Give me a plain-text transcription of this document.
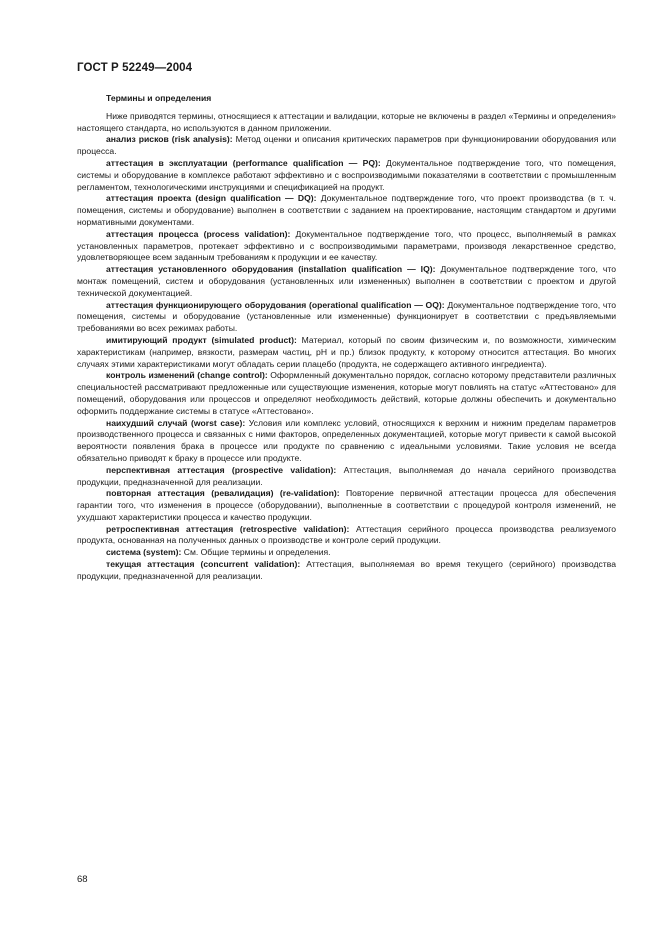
ГОСТ Р 52249—2004
Термины и определения

Ниже приводятся термины, относящиеся к аттестации и валидации, которые не включены в раздел «Термины и определения» настоящего стандарта, но используются в данном приложении.

анализ рисков (risk analysis): Метод оценки и описания критических параметров при функционировании оборудования или процесса.

аттестация в эксплуатации (performance qualification — PQ): Документальное подтверждение того, что помещения, системы и оборудование в комплексе работают эффективно и с воспроизводимыми показателями в соответствии с промышленным регламентом, технологическими инструкциями и спецификацией на продукт.

аттестация проекта (design qualification — DQ): Документальное подтверждение того, что проект производства (в т. ч. помещения, системы и оборудование) выполнен в соответствии с заданием на проектирование, настоящим стандартом и другими нормативными документами.

аттестация процесса (process validation): Документальное подтверждение того, что процесс, выполняемый в рамках установленных параметров, протекает эффективно и с воспроизводимыми параметрами, производя лекарственное средство, удовлетворяющее всем заданным требованиям к продукции и ее качеству.

аттестация установленного оборудования (installation qualification — IQ): Документальное подтверждение того, что монтаж помещений, систем и оборудования (установленных или измененных) выполнен в соответствии с проектом и другой технической документацией.

аттестация функционирующего оборудования (operational qualification — OQ): Документальное подтверждение того, что помещения, системы и оборудование (установленные или измененные) функционирует в соответствии с предъявляемыми требованиями во всех режимах работы.

имитирующий продукт (simulated product): Материал, который по своим физическим и, по возможности, химическим характеристикам (например, вязкости, размерам частиц, pH и пр.) близок продукту, к которому относится аттестация. Во многих случаях этими характеристиками могут обладать серии плацебо (продукта, не содержащего активного ингредиента).

контроль изменений (change control): Оформленный документально порядок, согласно которому представители различных специальностей рассматривают предложенные или существующие изменения, которые могут повлиять на статус «Аттестовано» для помещений, оборудования или процессов и определяют необходимость действий, которые должны обеспечить и документально оформить поддержание системы в статусе «Аттестовано».

наихудший случай (worst case): Условия или комплекс условий, относящихся к верхним и нижним пределам параметров производственного процесса и связанных с ними факторов, определенных документацией, которые могут привести к самой высокой вероятности появления брака в процессе или продукте по сравнению с идеальными условиями. Такие условия не всегда обязательно приводят к браку в процессе или продукте.

перспективная аттестация (prospective validation): Аттестация, выполняемая до начала серийного производства продукции, предназначенной для реализации.

повторная аттестация (ревалидация) (re-validation): Повторение первичной аттестации процесса для обеспечения гарантии того, что изменения в процессе (оборудовании), выполненные в соответствии с процедурой контроля изменений, не ухудшают характеристики процесса и качество продукции.

ретроспективная аттестация (retrospective validation): Аттестация серийного процесса производства реализуемого продукта, основанная на полученных данных о производстве и контроле серий продукции.

система (system): См. Общие термины и определения.

текущая аттестация (concurrent validation): Аттестация, выполняемая во время текущего (серийного) производства продукции, предназначенной для реализации.

68
